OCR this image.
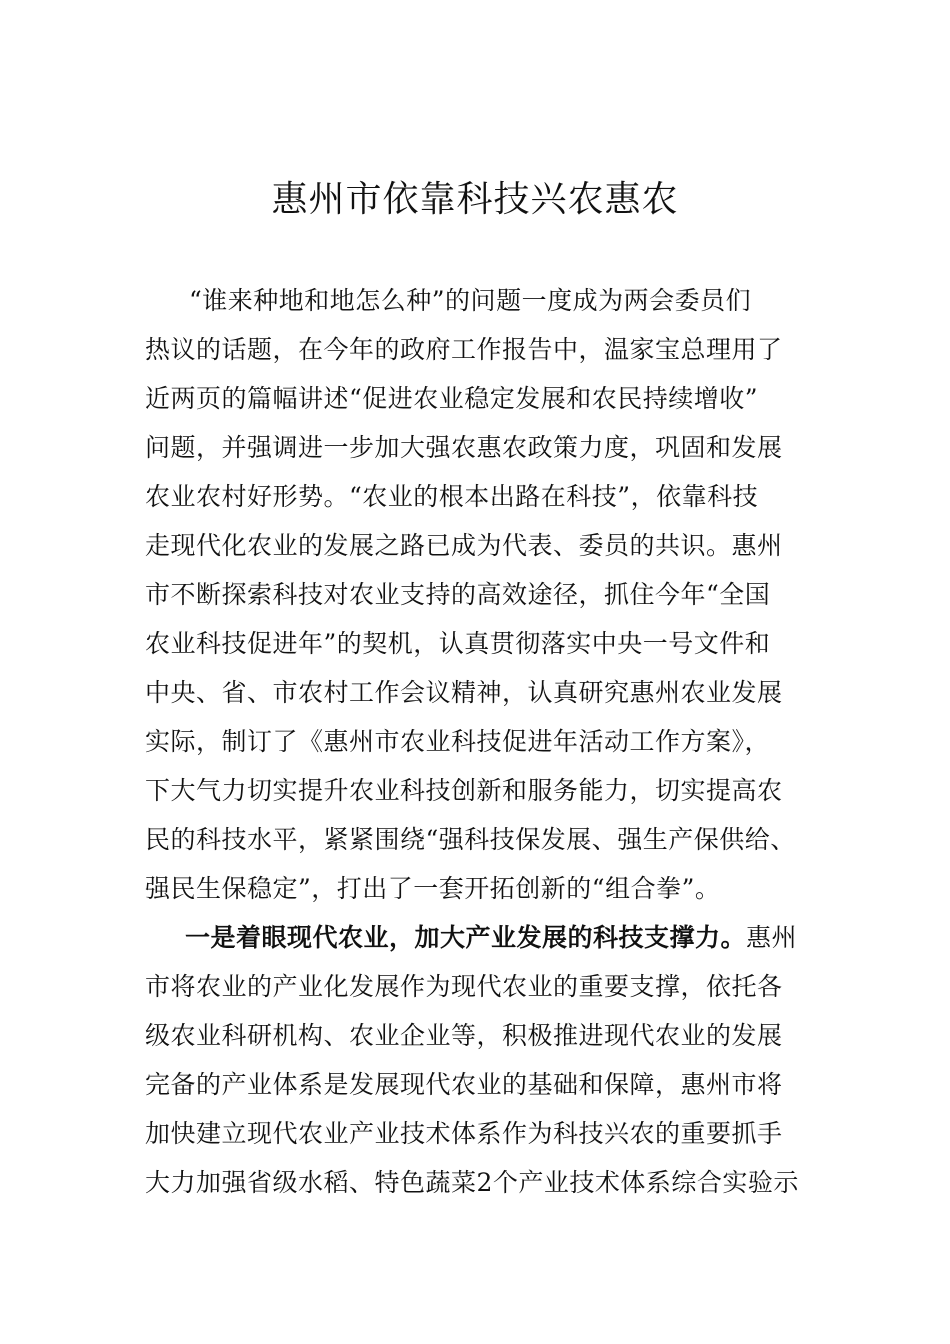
惠州市依靠科技兴农惠农
“谁来种地和地怎么种”的问题一度成为两会委员们
热议的话题，在今年的政府工作报告中，温家宝总理用了
近两页的篇幅讲述“促进农业稳定发展和农民持续增收”
问题，并强调进一步加大强农惠农政策力度，巩固和发展
农业农村好形势。“农业的根本出路在科技”，依靠科技
走现代化农业的发展之路已成为代表、委员的共识。惠州
市不断探索科技对农业支持的高效途径，抓住今年“全国
农业科技促进年”的契机，认真贯彻落实中央一号文件和
中央、省、市农村工作会议精神，认真研究惠州农业发展
实际，制订了《惠州市农业科技促进年活动工作方案》，
下大气力切实提升农业科技创新和服务能力，切实提高农
民的科技水平，紧紧围绕“强科技保发展、强生产保供给、
强民生保稳定”，打出了一套开拓创新的“组合拳”。
一是着眼现代农业，加大产业发展的科技支撑力。惠州
市将农业的产业化发展作为现代农业的重要支撑，依托各
级农业科研机构、农业企业等，积极推进现代农业的发展
完备的产业体系是发展现代农业的基础和保障，惠州市将
加快建立现代农业产业技术体系作为科技兴农的重要抓手
大力加强省级水稻、特色蔬菜2个产业技术体系综合实验示
